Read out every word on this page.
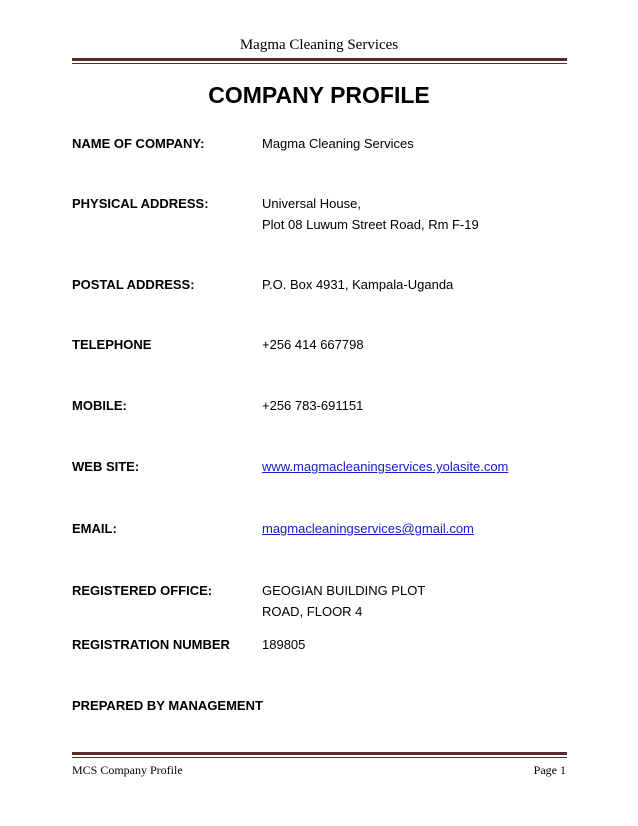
Magma Cleaning Services
COMPANY PROFILE
NAME OF COMPANY:	Magma Cleaning Services
PHYSICAL ADDRESS:	Universal House,
Plot 08 Luwum Street Road, Rm F-19
POSTAL ADDRESS:	P.O. Box 4931, Kampala-Uganda
TELEPHONE	+256 414 667798
MOBILE:	+256 783-691151
WEB SITE:	www.magmacleaningservices.yolasite.com
EMAIL:	magmacleaningservices@gmail.com
REGISTERED OFFICE:	GEOGIAN BUILDING PLOT
ROAD, FLOOR 4
REGISTRATION NUMBER 189805
PREPARED BY MANAGEMENT
MCS Company Profile	Page 1
